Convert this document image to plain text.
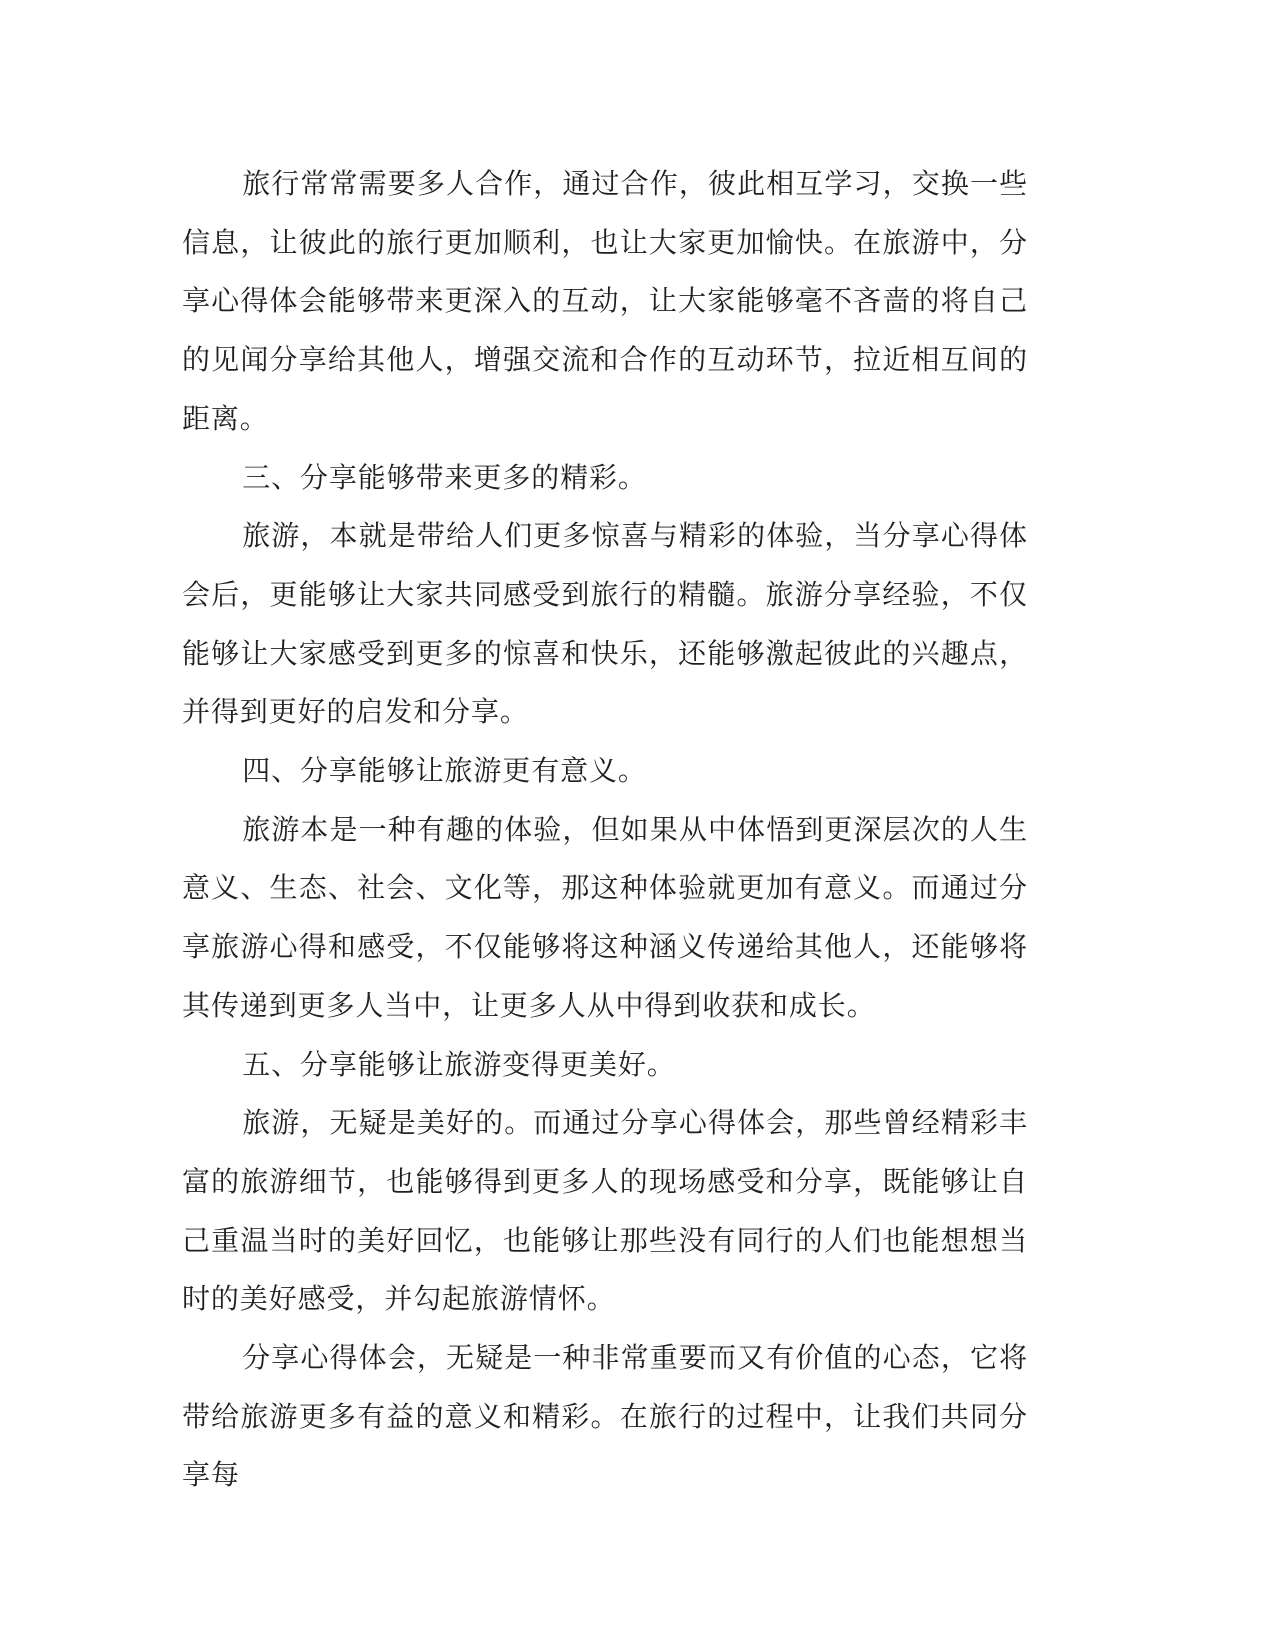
旅行常常需要多人合作，通过合作，彼此相互学习，交换一些信息，让彼此的旅行更加顺利，也让大家更加愉快。在旅游中，分享心得体会能够带来更深入的互动，让大家能够毫不吝啬的将自己的见闻分享给其他人，增强交流和合作的互动环节，拉近相互间的距离。

三、分享能够带来更多的精彩。

旅游，本就是带给人们更多惊喜与精彩的体验，当分享心得体会后，更能够让大家共同感受到旅行的精髓。旅游分享经验，不仅能够让大家感受到更多的惊喜和快乐，还能够激起彼此的兴趣点，并得到更好的启发和分享。

四、分享能够让旅游更有意义。

旅游本是一种有趣的体验，但如果从中体悟到更深层次的人生意义、生态、社会、文化等，那这种体验就更加有意义。而通过分享旅游心得和感受，不仅能够将这种涵义传递给其他人，还能够将其传递到更多人当中，让更多人从中得到收获和成长。

五、分享能够让旅游变得更美好。

旅游，无疑是美好的。而通过分享心得体会，那些曾经精彩丰富的旅游细节，也能够得到更多人的现场感受和分享，既能够让自己重温当时的美好回忆，也能够让那些没有同行的人们也能想想当时的美好感受，并勾起旅游情怀。

分享心得体会，无疑是一种非常重要而又有价值的心态，它将带给旅游更多有益的意义和精彩。在旅行的过程中，让我们共同分享每
